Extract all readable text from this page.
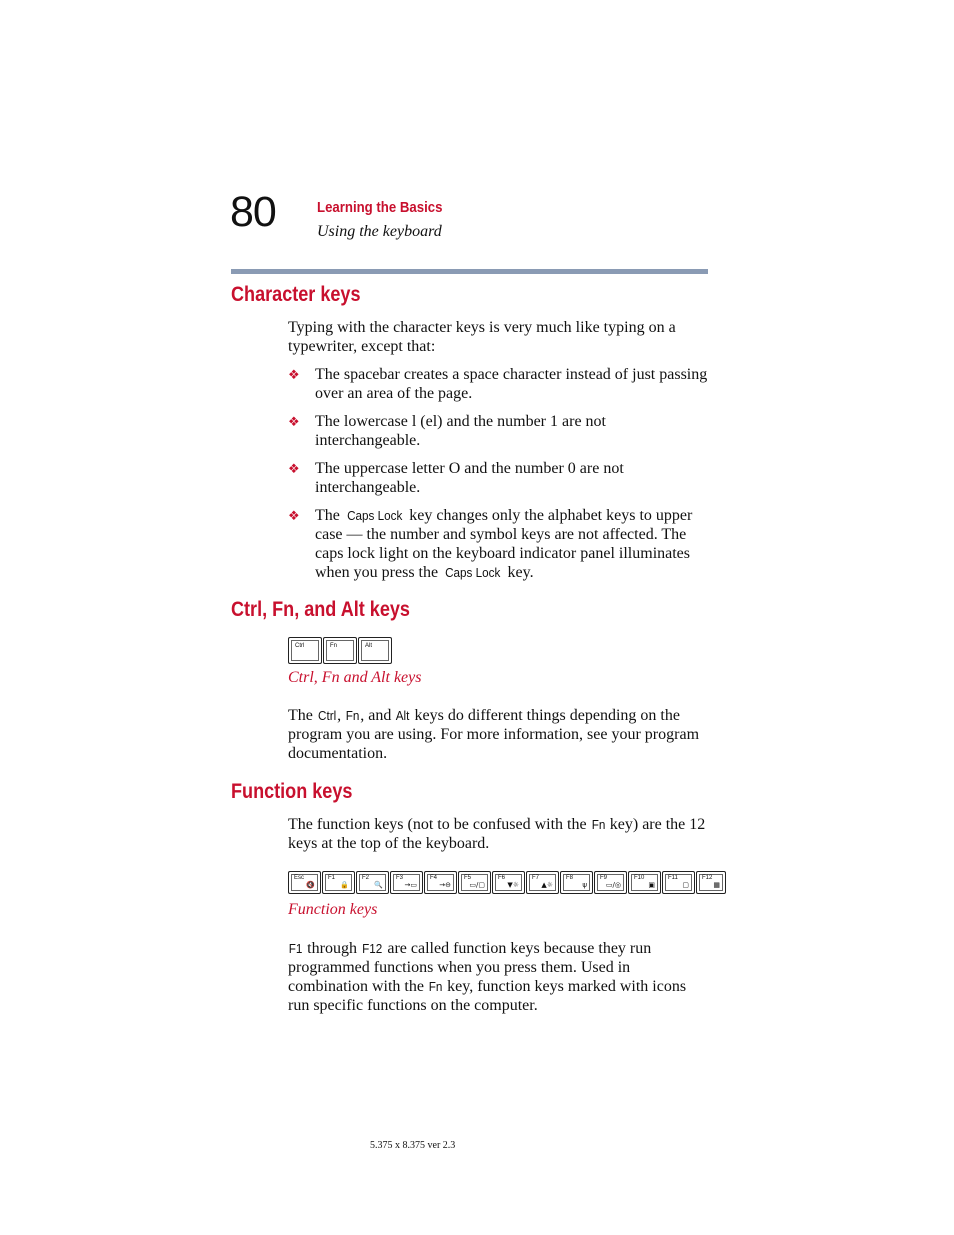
80	Learning the Basics
Using the keyboard
Character keys

Typing with the character keys is very much like typing on a typewriter, except that:

❖ The spacebar creates a space character instead of just passing over an area of the page.
❖ The lowercase l (el) and the number 1 are not interchangeable.
❖ The uppercase letter O and the number 0 are not interchangeable.
❖ The Caps Lock key changes only the alphabet keys to upper case — the number and symbol keys are not affected. The caps lock light on the keyboard indicator panel illuminates when you press the Caps Lock key.
Ctrl, Fn, and Alt keys
Ctrl	Fn	Alt
Ctrl, Fn and Alt keys

The Ctrl, Fn, and Alt keys do different things depending on the program you are using. For more information, see your program documentation.

Function keys

The function keys (not to be confused with the Fn key) are the 12 keys at the top of the keyboard.

Esc
🔇
F1
🔒
F2
🔍
F3
→▭
F4
→⊖
F5
▭/▢
F6
▼☼
F7
▲☼
F8
ψ
F9
▭/◎
F10
▣
F11
▢
F12
▦
Function keys

F1 through F12 are called function keys because they run programmed functions when you press them. Used in combination with the Fn key, function keys marked with icons run specific functions on the computer.

5.375 x 8.375 ver 2.3
